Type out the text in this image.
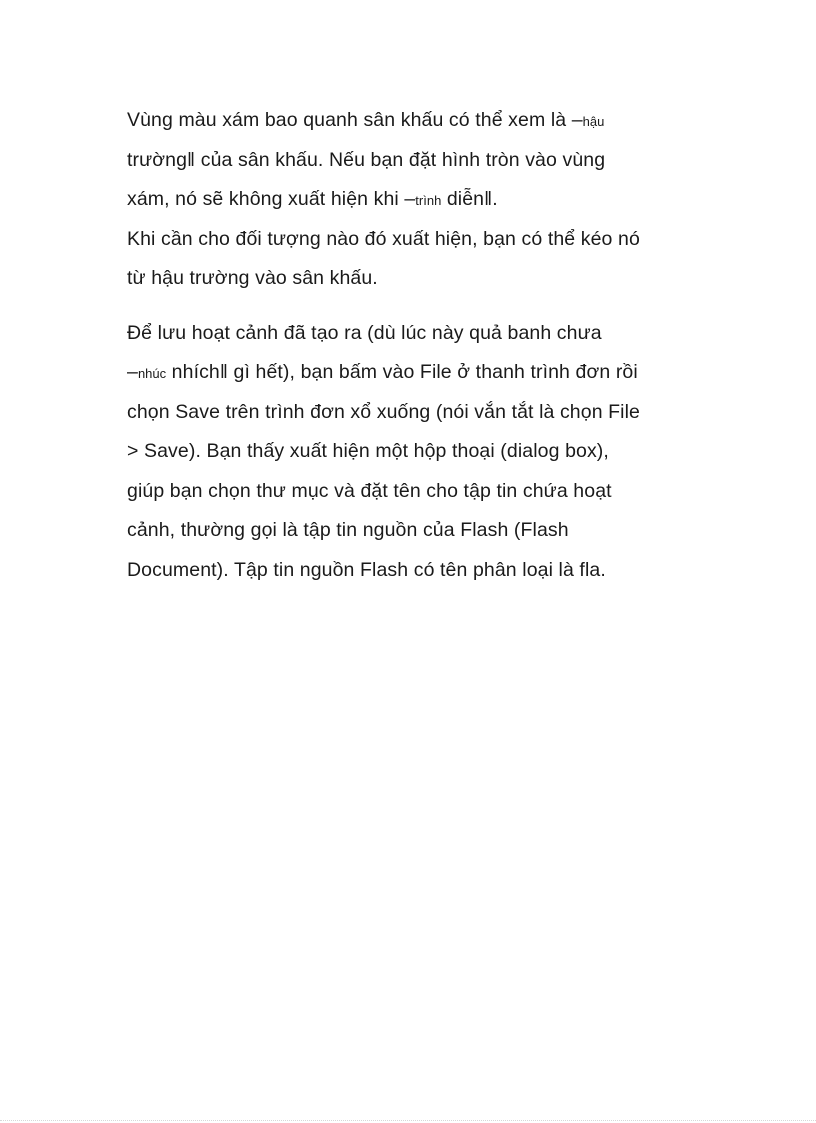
Vùng màu xám bao quanh sân khấu có thể xem là –hậu
trường‖ của sân khấu. Nếu bạn đặt hình tròn vào vùng
xám, nó sẽ không xuất hiện khi –trình diễn‖.
Khi cần cho đối tượng nào đó xuất hiện, bạn có thể kéo nó
từ hậu trường vào sân khấu.
Để lưu hoạt cảnh đã tạo ra (dù lúc này quả banh chưa
–nhúc nhích‖ gì hết), bạn bấm vào File ở thanh trình đơn rồi
chọn Save trên trình đơn xổ xuống (nói vắn tắt là chọn File
> Save). Bạn thấy xuất hiện một hộp thoại (dialog box),
giúp bạn chọn thư mục và đặt tên cho tập tin chứa hoạt
cảnh, thường gọi là tập tin nguồn của Flash (Flash
Document). Tập tin nguồn Flash có tên phân loại là fla.
